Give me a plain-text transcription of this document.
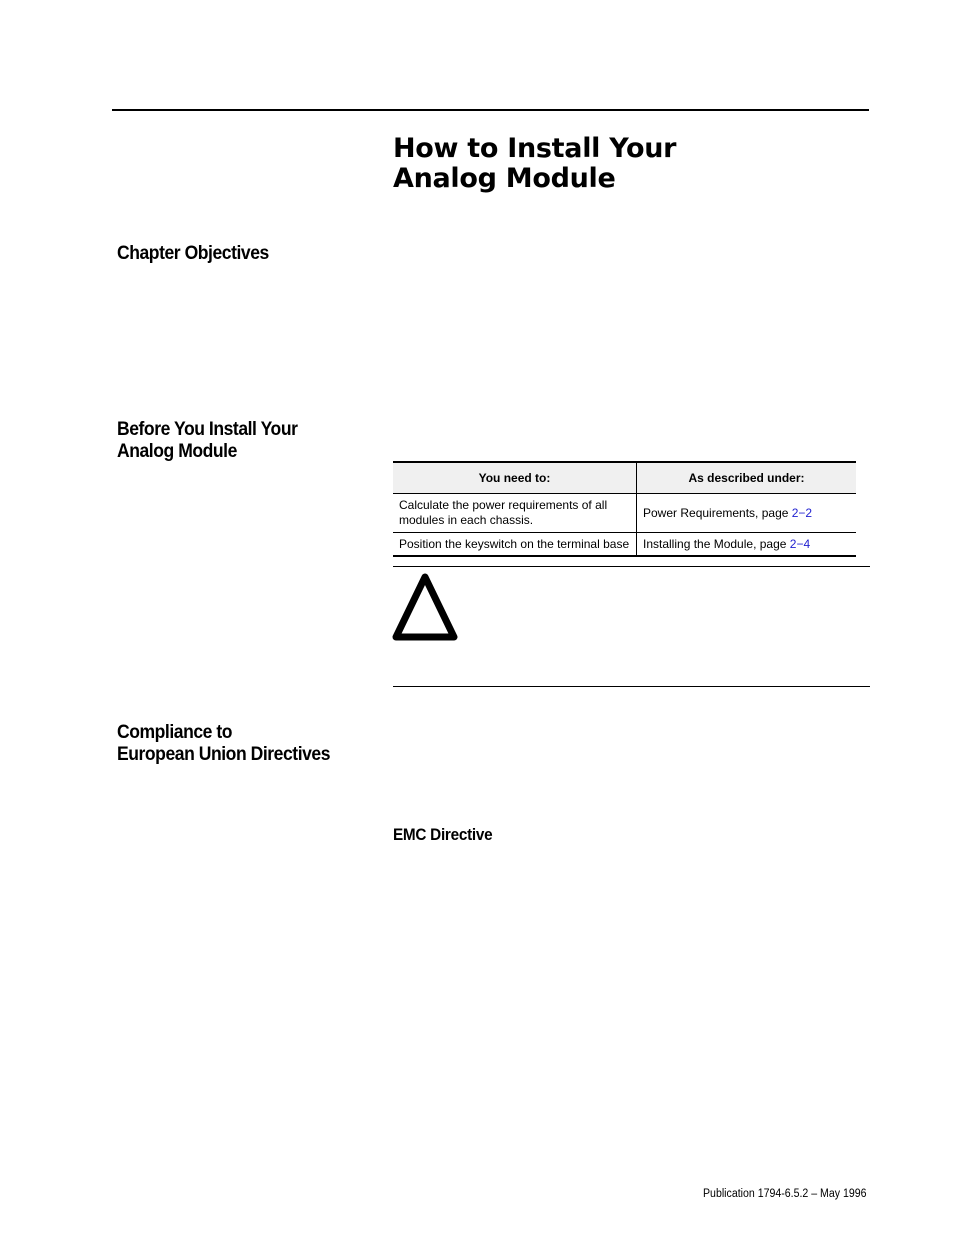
How to Install Your
Analog Module
Chapter Objectives
Before You Install Your
Analog Module
You need to:	As described under:
Calculate the power requirements of all modules in each chassis.	Power Requirements, page 2−2
Position the keyswitch on the terminal base	Installing the Module, page 2−4
Compliance to
European Union Directives
EMC Directive
Publication 1794-6.5.2 – May 1996
